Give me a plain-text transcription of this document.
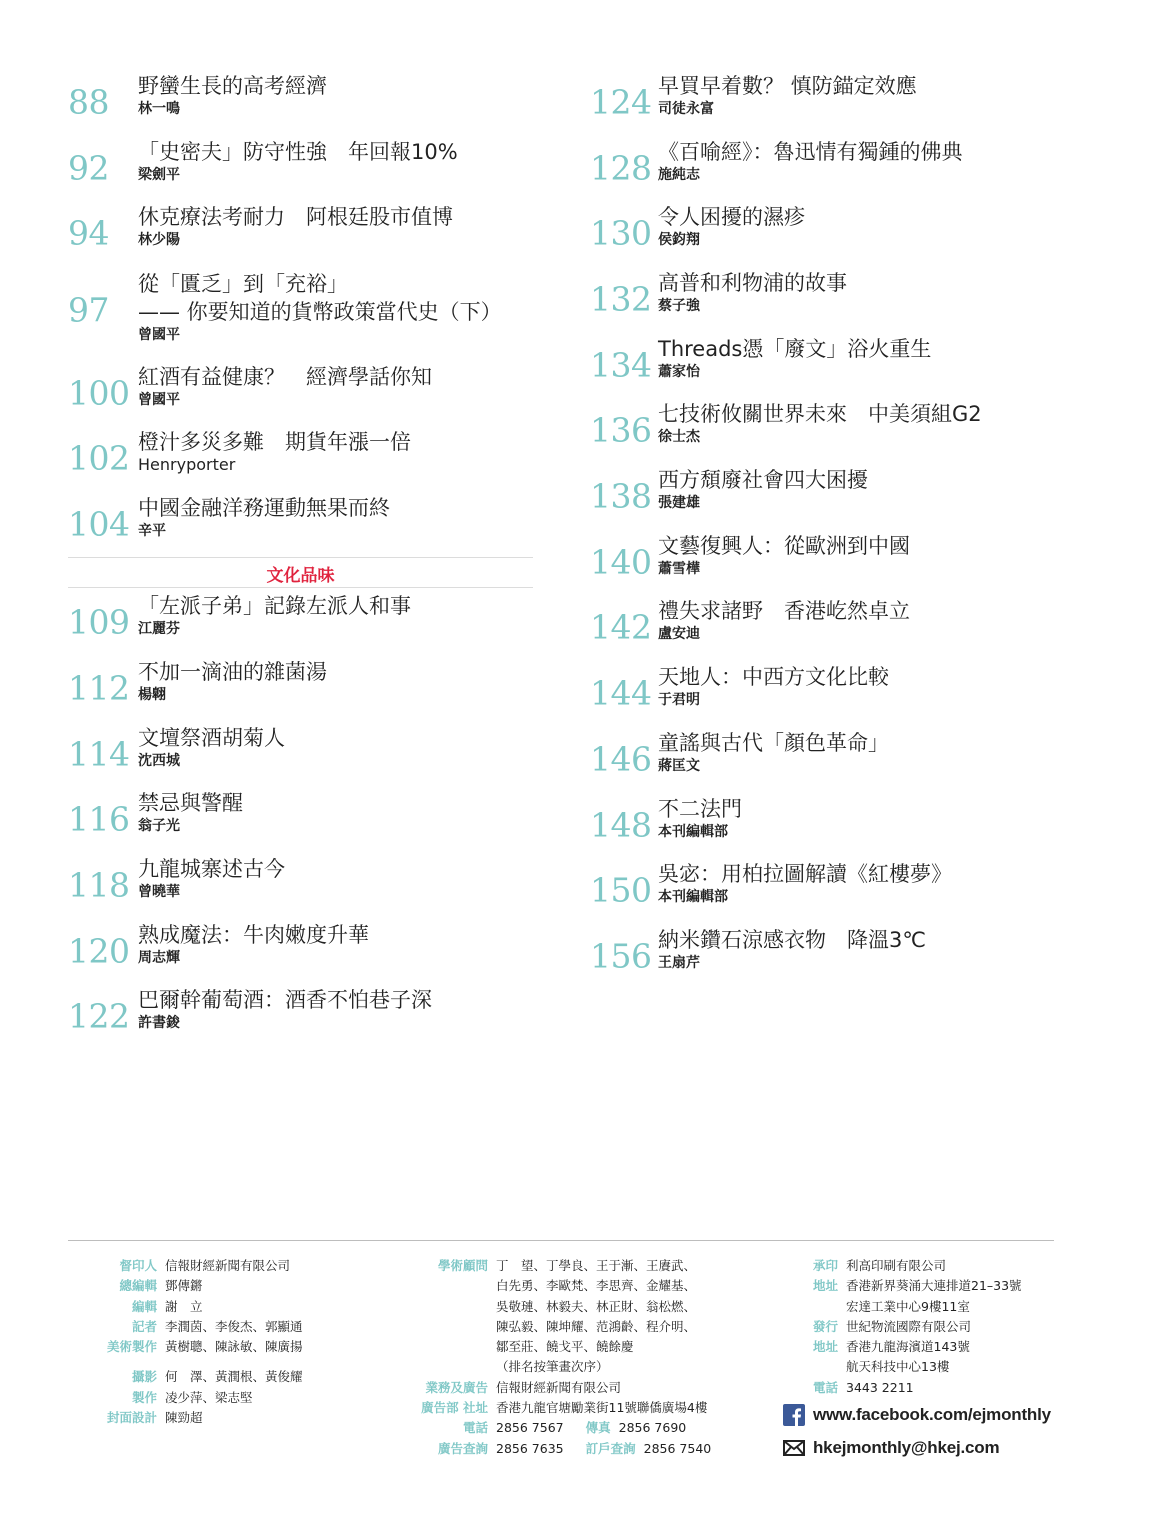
88 野蠻生長的高考經濟
林一鳴
92 「史密夫」防守性強　年回報10%
梁劍平
94 休克療法考耐力　阿根廷股市值博
林少陽
97
從「匱乏」到「充裕」
—— 你要知道的貨幣政策當代史（下）
曾國平
100 紅酒有益健康？　經濟學話你知
曾國平
102 橙汁多災多難　期貨年漲一倍
Henryporter
104 中國金融洋務運動無果而終
辛平
文化品味
109 「左派子弟」記錄左派人和事
江麗芬
112 不加一滴油的雜菌湯
楊翺
114 文壇祭酒胡菊人
沈西城
116 禁忌與警醒
翁子光
118 九龍城寨述古今
曾曉華
120 熟成魔法：牛肉嫩度升華
周志輝
122 巴爾幹葡萄酒：酒香不怕巷子深
許書鋑
124 早買早着數？ 慎防錨定效應
司徒永富
128 《百喻經》：魯迅情有獨鍾的佛典
施純志
130 令人困擾的濕疹
侯鈞翔
132 高普和利物浦的故事
蔡子強
134 Threads憑「廢文」浴火重生
蕭家怡
136 七技術攸關世界未來　中美須組G2
徐士杰
138 西方頹廢社會四大困擾
張建雄
140 文藝復興人：從歐洲到中國
蕭雪樺
142 禮失求諸野　香港屹然卓立
盧安迪
144 天地人：中西方文化比較
于君明
146 童謠與古代「顏色革命」
蔣匡文
148 不二法門
本刊編輯部
150 吳宓：用柏拉圖解讀《紅樓夢》
本刊編輯部
156 納米鑽石涼感衣物　降溫3℃
王扇芹
督印人 信報財經新聞有限公司
總編輯 鄧傳鏘
編輯 謝　立
記者 李潤茵、李俊杰、郭顯通
美術製作 黃樹聰、陳詠敏、陳廣揚
攝影 何　澤、黃潤根、黃俊耀
製作 凌少萍、梁志堅
封面設計 陳勁超
學術顧問 丁　望、丁學良、王于漸、王賡武、
白先勇、李歐梵、李思齊、金耀基、
吳敬璉、林毅夫、林正財、翁松燃、
陳弘毅、陳坤耀、范鴻齡、程介明、
鄒至莊、饒戈平、饒餘慶
（排名按筆畫次序）
業務及廣告 信報財經新聞有限公司
廣告部 社址 香港九龍官塘勵業街11號聯僑廣場4樓
電話 2856 7567	傳真 2856 7690
廣告查詢 2856 7635	訂戶查詢 2856 7540
承印 利高印刷有限公司
地址 香港新界葵涌大連排道21–33號
宏達工業中心9樓11室
發行 世紀物流國際有限公司
地址 香港九龍海濱道143號
航天科技中心13樓
電話 3443 2211
www.facebook.com/ejmonthly
hkejmonthly@hkej.com
